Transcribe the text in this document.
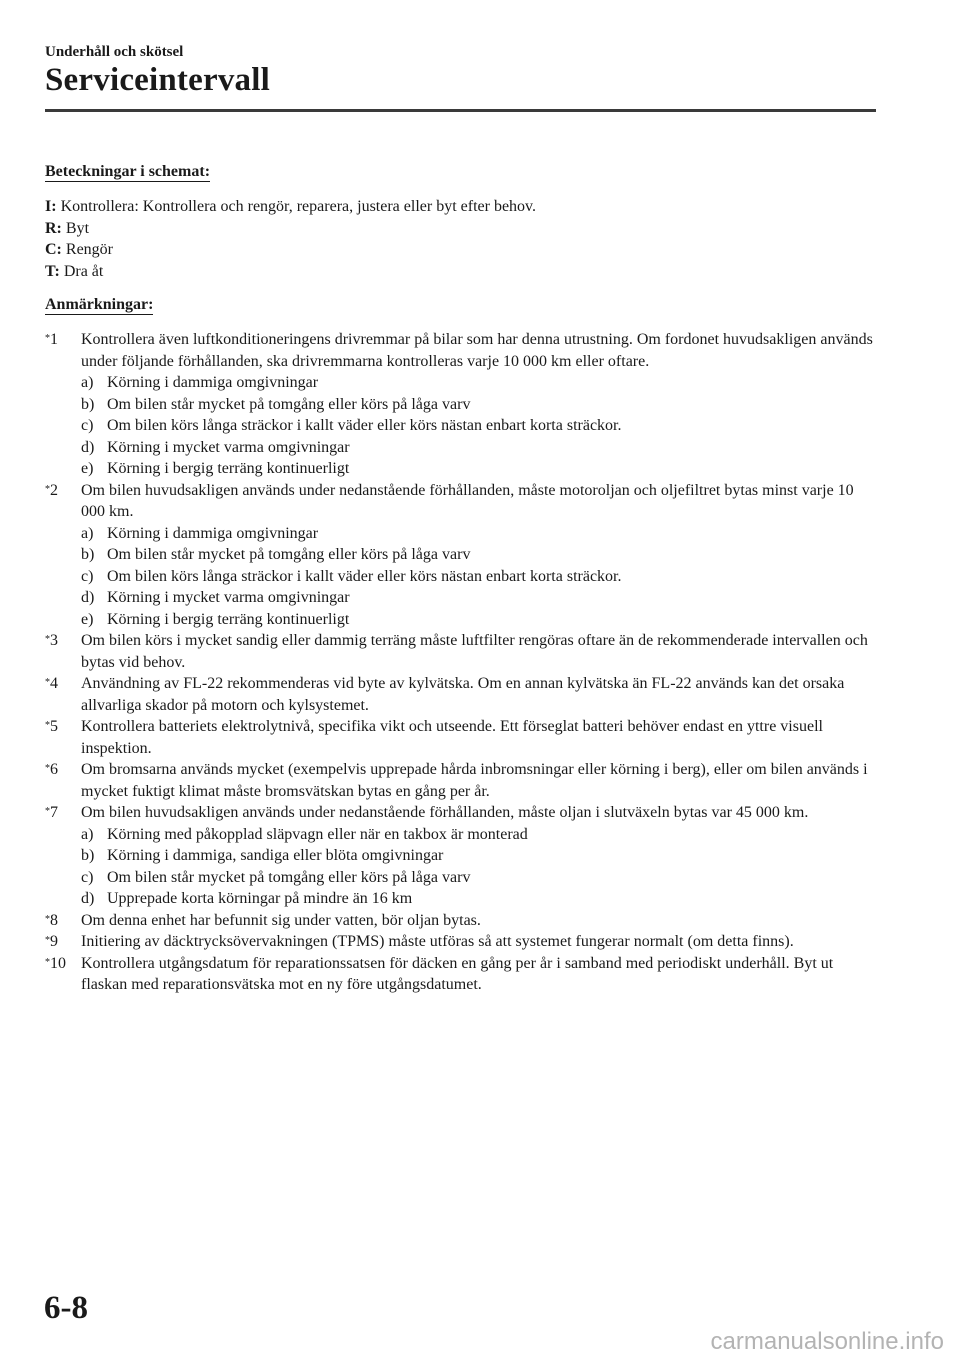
Underhåll och skötsel
Serviceintervall
Beteckningar i schemat:
I: Kontrollera: Kontrollera och rengör, reparera, justera eller byt efter behov.
R: Byt
C: Rengör
T: Dra åt
Anmärkningar:
*1	Kontrollera även luftkonditioneringens drivremmar på bilar som har denna utrustning. Om fordonet huvudsakligen används under följande förhållanden, ska drivremmarna kontrolleras varje 10 000 km eller oftare.
a) Körning i dammiga omgivningar
b) Om bilen står mycket på tomgång eller körs på låga varv
c) Om bilen körs långa sträckor i kallt väder eller körs nästan enbart korta sträckor.
d) Körning i mycket varma omgivningar
e) Körning i bergig terräng kontinuerligt
*2	Om bilen huvudsakligen används under nedanstående förhållanden, måste motoroljan och oljefiltret bytas minst varje 10 000 km.
a) Körning i dammiga omgivningar
b) Om bilen står mycket på tomgång eller körs på låga varv
c) Om bilen körs långa sträckor i kallt väder eller körs nästan enbart korta sträckor.
d) Körning i mycket varma omgivningar
e) Körning i bergig terräng kontinuerligt
*3	Om bilen körs i mycket sandig eller dammig terräng måste luftfilter rengöras oftare än de rekommenderade intervallen och bytas vid behov.
*4	Användning av FL-22 rekommenderas vid byte av kylvätska. Om en annan kylvätska än FL-22 används kan det orsaka allvarliga skador på motorn och kylsystemet.
*5	Kontrollera batteriets elektrolytnivå, specifika vikt och utseende. Ett förseglat batteri behöver endast en yttre visuell inspektion.
*6	Om bromsarna används mycket (exempelvis upprepade hårda inbromsningar eller körning i berg), eller om bilen används i mycket fuktigt klimat måste bromsvätskan bytas en gång per år.
*7	Om bilen huvudsakligen används under nedanstående förhållanden, måste oljan i slutväxeln bytas var 45 000 km.
a) Körning med påkopplad släpvagn eller när en takbox är monterad
b) Körning i dammiga, sandiga eller blöta omgivningar
c) Om bilen står mycket på tomgång eller körs på låga varv
d) Upprepade korta körningar på mindre än 16 km
*8	Om denna enhet har befunnit sig under vatten, bör oljan bytas.
*9	Initiering av däcktrycksövervakningen (TPMS) måste utföras så att systemet fungerar normalt (om detta finns).
*10 Kontrollera utgångsdatum för reparationssatsen för däcken en gång per år i samband med periodiskt underhåll. Byt ut flaskan med reparationsvätska mot en ny före utgångsdatumet.
6-8
carmanualsonline.info
